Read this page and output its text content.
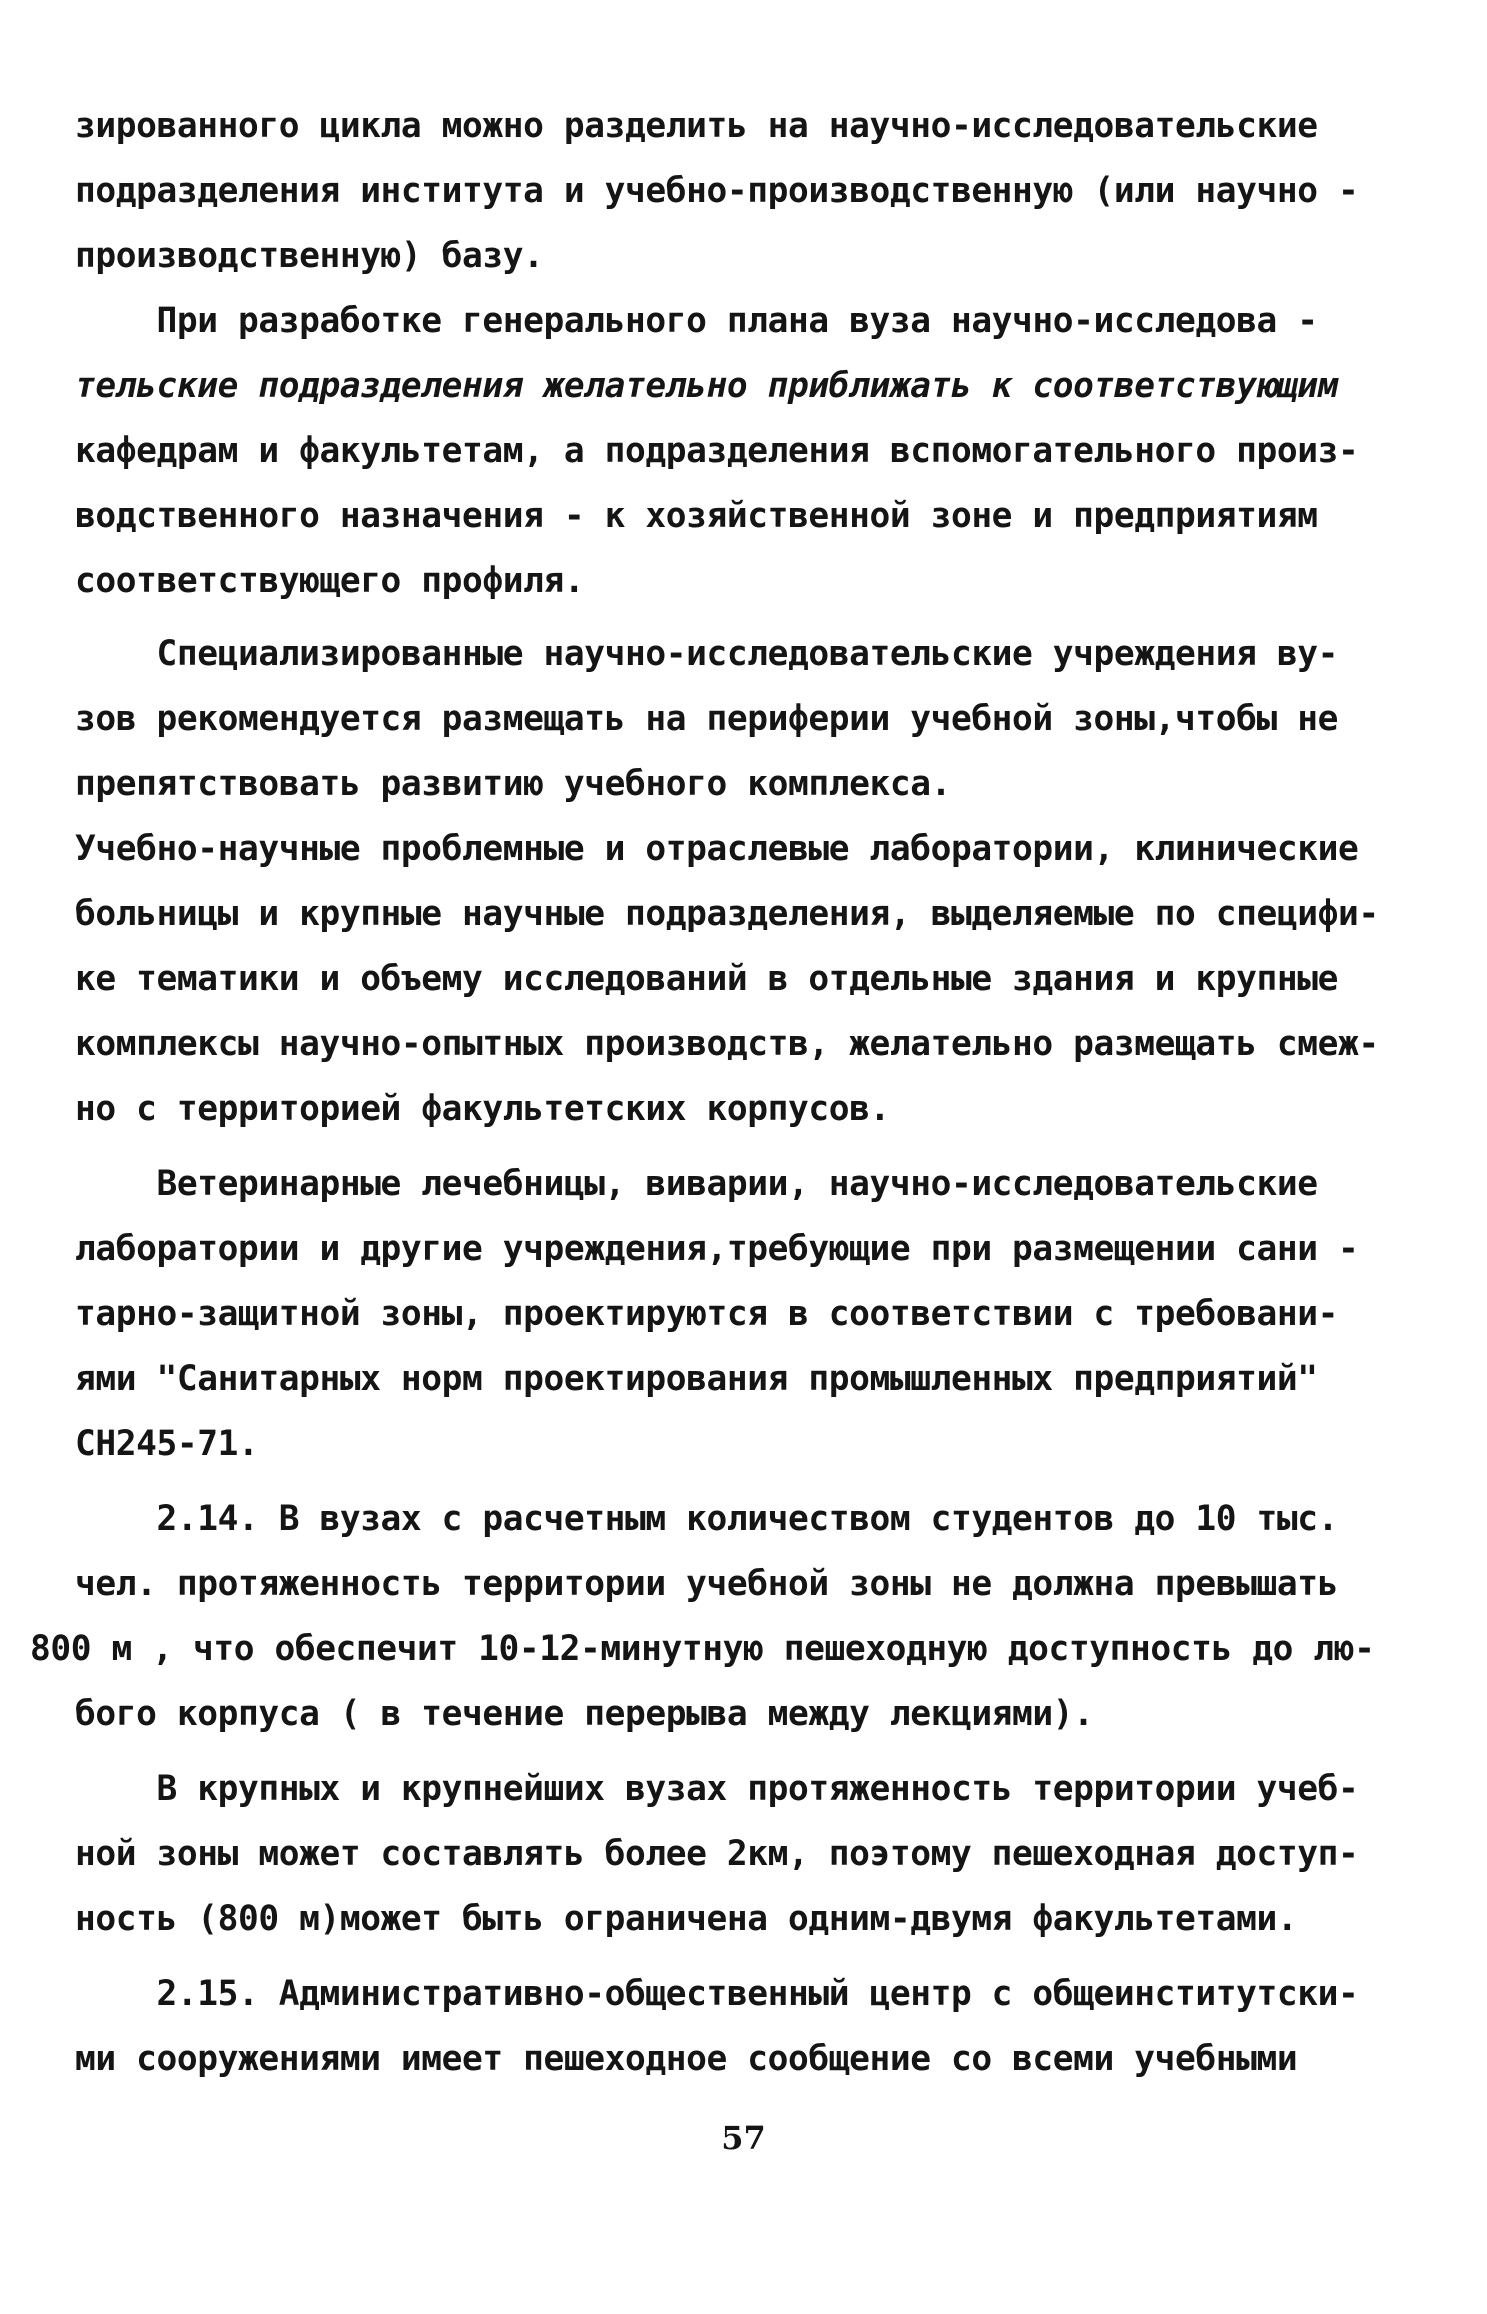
зированного цикла можно разделить на научно-исследовательские
подразделения института и учебно-производственную (или научно -
производственную) базу.
При разработке генерального плана вуза научно-исследова -
тельские подразделения желательно приближать к соответствующим
кафедрам и факультетам, а подразделения вспомогательного произ-
водственного назначения - к хозяйственной зоне и предприятиям
соответствующего профиля.
Специализированные научно-исследовательские учреждения ву-
зов рекомендуется размещать на периферии учебной зоны,чтобы не
препятствовать развитию учебного комплекса.
Учебно-научные проблемные и отраслевые лаборатории, клинические
больницы и крупные научные подразделения, выделяемые по специфи-
ке тематики и объему исследований в отдельные здания и крупные
комплексы научно-опытных производств, желательно размещать смеж-
но с территорией факультетских корпусов.
Ветеринарные лечебницы, виварии, научно-исследовательские
лаборатории и другие учреждения,требующие при размещении сани -
тарно-защитной зоны, проектируются в соответствии с требовани-
ями "Санитарных норм проектирования промышленных предприятий"
СН245-71.
2.14. В вузах с расчетным количеством студентов до 10 тыс.
чел. протяженность территории учебной зоны не должна превышать
800 м , что обеспечит 10-12-минутную пешеходную доступность до лю-
бого корпуса ( в течение перерыва между лекциями).
В крупных и крупнейших вузах протяженность территории учеб-
ной зоны может составлять более 2км, поэтому пешеходная доступ-
ность (800 м)может быть ограничена одним-двумя факультетами.
2.15. Административно-общественный центр с общеинститутски-
ми сооружениями имеет пешеходное сообщение со всеми учебными
57
